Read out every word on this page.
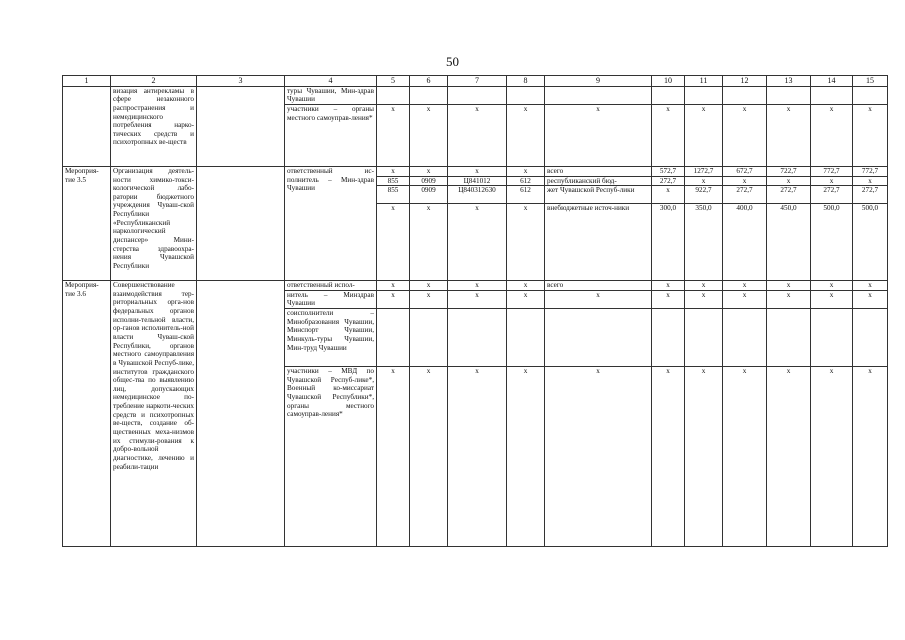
50
1	2	3	4	5	6	7	8	9	10	11	12	13	14	15
	визация антирекламы в сфере незаконного распространения и немедицинского потребления нарко-тических средств и психотропных ве-ществ		туры Чувашии, Мин-здрав Чувашии											
			участники – органы местного самоуправ-ления*	x	x	x	x	x	x	x	x	x	x	x
Мероприя-тие 3.5	Организация деятель-ности химико-токси-кологической лабо-ратории бюджетного учреждения Чуваш-ской Республики «Республиканский наркологический диспансер» Мини-стерства здравоохра-нения Чувашской Республики		ответственный ис-полнитель – Мин-здрав Чувашии	x	x	x	x	всего	572,7	1272,7	672,7	722,7	772,7	772,7
				855	0909	Ц841012	612	республиканский бюд-	272,7	x	x	x	x	x
				855	0909	Ц840312630	612	жет Чувашской Респуб-лики	x	922,7	272,7	272,7	272,7	272,7
				x	x	x	x	внебюджетные источ-ники	300,0	350,0	400,0	450,0	500,0	500,0
Мероприя-тие 3.6	Совершенствование взаимодействия тер-риториальных орга-нов федеральных органов исполни-тельной власти, ор-ганов исполнитель-ной власти Чуваш-ской Республики, органов местного самоуправления в Чувашской Респуб-лике, институтов гражданского общес-тва по выявлению лиц, допускающих немедицинское по-требление наркоти-ческих средств и психотропных ве-ществ, создание об-щественных меха-низмов их стимули-рования к добро-вольной диагностике, лечению и реабили-тации		ответственный испол-	x	x	x	x	всего	x	x	x	x	x	x
			нитель – Минздрав Чувашии	x	x	x	x	x	x	x	x	x	x	x
			соисполнители – Минобразования Чувашии, Минспорт Чувашии, Минкуль-туры Чувашии, Мин-труд Чувашии											
			участники – МВД по Чувашской Респуб-лике*, Военный ко-миссариат Чувашской Республики*, органы местного самоуправ-ления*	x	x	x	x	x	x	x	x	x	x	x
